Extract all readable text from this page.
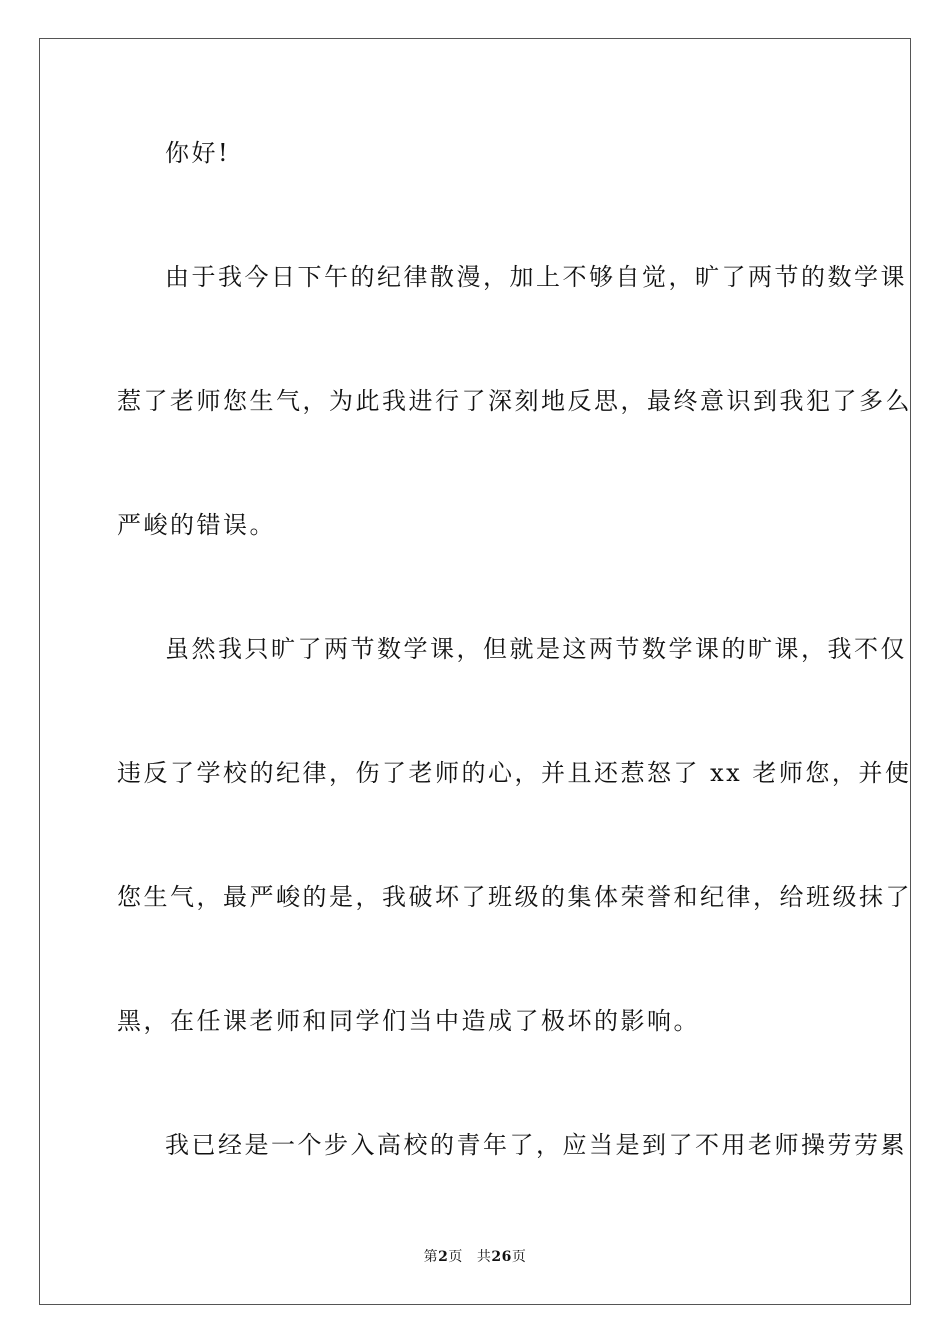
你好!
由于我今日下午的纪律散漫，加上不够自觉，旷了两节的数学课
惹了老师您生气，为此我进行了深刻地反思，最终意识到我犯了多么
严峻的错误。
虽然我只旷了两节数学课，但就是这两节数学课的旷课，我不仅
违反了学校的纪律，伤了老师的心，并且还惹怒了 xx 老师您，并使
您生气，最严峻的是，我破坏了班级的集体荣誉和纪律，给班级抹了
黑，在任课老师和同学们当中造成了极坏的影响。
我已经是一个步入高校的青年了，应当是到了不用老师操劳劳累
第2页 共26页
